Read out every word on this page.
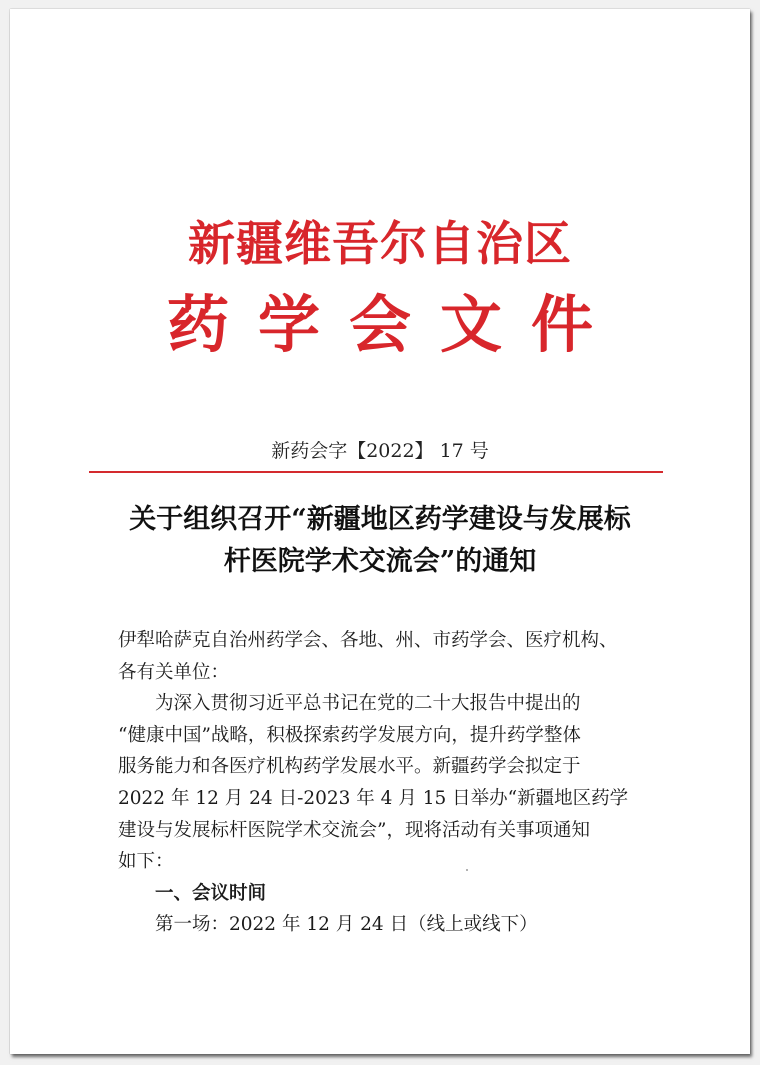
新疆维吾尔自治区
药学会文件
新药会字【2022】 17 号
关于组织召开“新疆地区药学建设与发展标
杆医院学术交流会”的通知
伊犁哈萨克自治州药学会、各地、州、市药学会、医疗机构、
各有关单位：
为深入贯彻习近平总书记在党的二十大报告中提出的
“健康中国”战略，积极探索药学发展方向，提升药学整体
服务能力和各医疗机构药学发展水平。新疆药学会拟定于
2022 年 12 月 24 日-2023 年 4 月 15 日举办“新疆地区药学
建设与发展标杆医院学术交流会”，现将活动有关事项通知
如下：
一、会议时间
第一场：2022 年 12 月 24 日（线上或线下）
